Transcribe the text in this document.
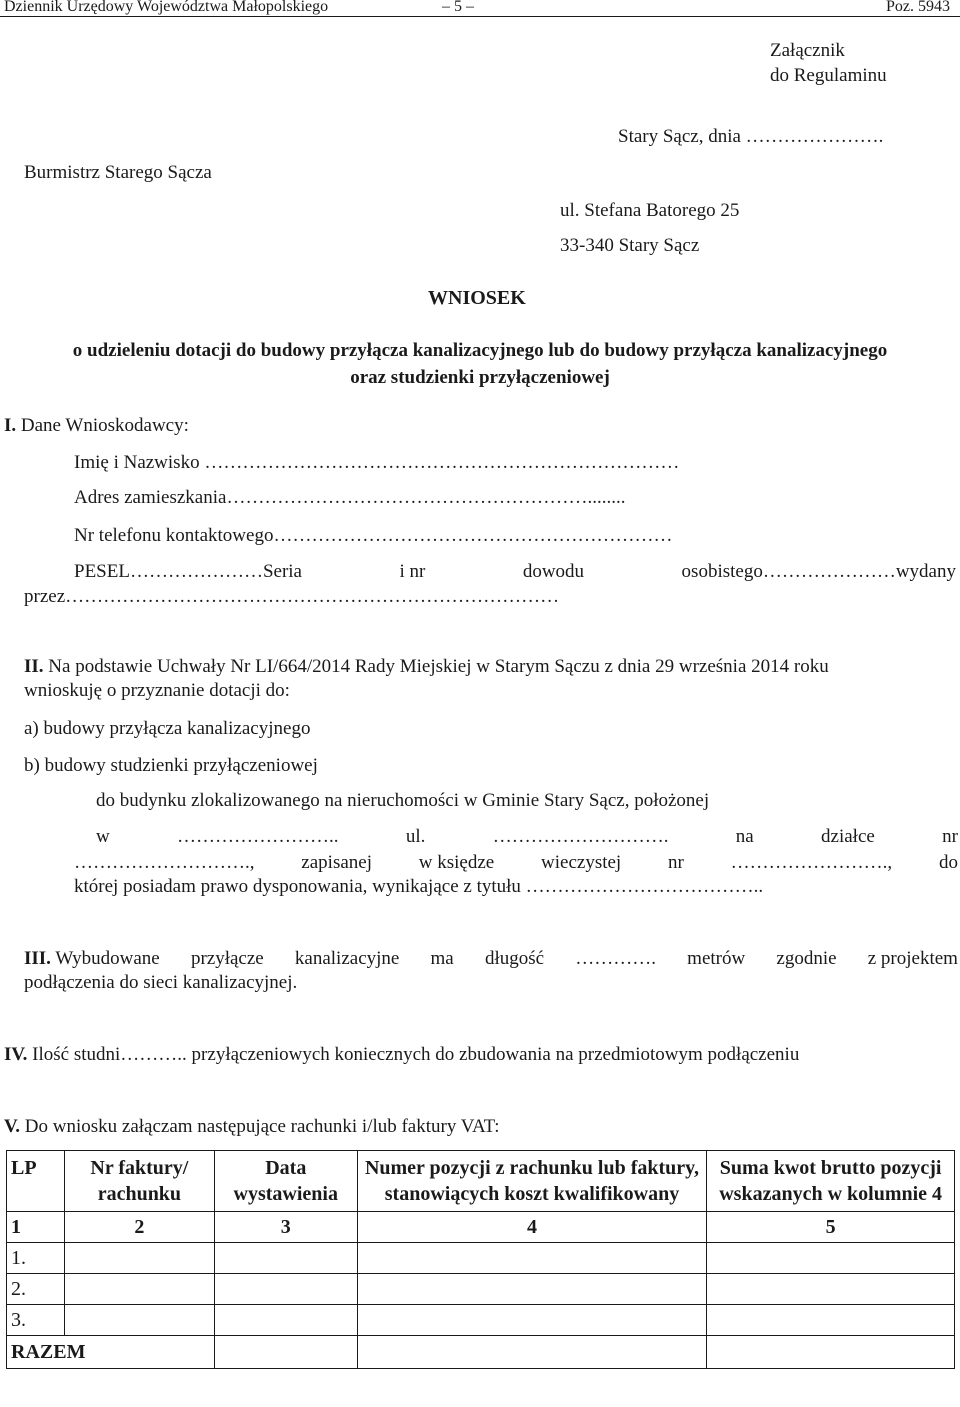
Dziennik Urzędowy Województwa Małopolskiego	– 5 –	Poz. 5943
Załącznik
do Regulaminu
Stary Sącz, dnia ………………….
Burmistrz Starego Sącza
ul. Stefana Batorego 25
33-340 Stary Sącz
WNIOSEK
o udzieleniu dotacji do budowy przyłącza kanalizacyjnego lub do budowy przyłącza kanalizacyjnego
oraz studzienki przyłączeniowej
I. Dane Wnioskodawcy:
Imię i Nazwisko …………………………………………………………………
Adres zamieszkania…………………………………………………........
Nr telefonu kontaktowego………………………………………………………
PESEL…………………Seria	i nr	dowodu	osobistego…………………wydany
przez……………………………………………………………………
II. Na podstawie Uchwały Nr LI/664/2014 Rady Miejskiej w Starym Sączu z dnia 29 września 2014 roku
wnioskuję o przyznanie dotacji do:
a) budowy przyłącza kanalizacyjnego
b) budowy studzienki przyłączeniowej
do budynku zlokalizowanego na nieruchomości w Gminie Stary Sącz, położonej
w	……………………..	ul.	……………………….	na	działce	nr
………………………., zapisanej w księdze wieczystej nr ……………………., do
której posiadam prawo dysponowania, wynikające z tytułu ………………………………..
III. Wybudowane przyłącze kanalizacyjne ma długość …………. metrów zgodnie z projektem
podłączenia do sieci kanalizacyjnej.
IV. Ilość studni……….. przyłączeniowych koniecznych do zbudowania na przedmiotowym podłączeniu
V. Do wniosku załączam następujące rachunki i/lub faktury VAT:
LP	Nr faktury/ rachunku	Data wystawienia	Numer pozycji z rachunku lub faktury, stanowiących koszt kwalifikowany	Suma kwot brutto pozycji wskazanych w kolumnie 4
1	2	3	4	5
1.				
2.				
3.				
RAZEM				
